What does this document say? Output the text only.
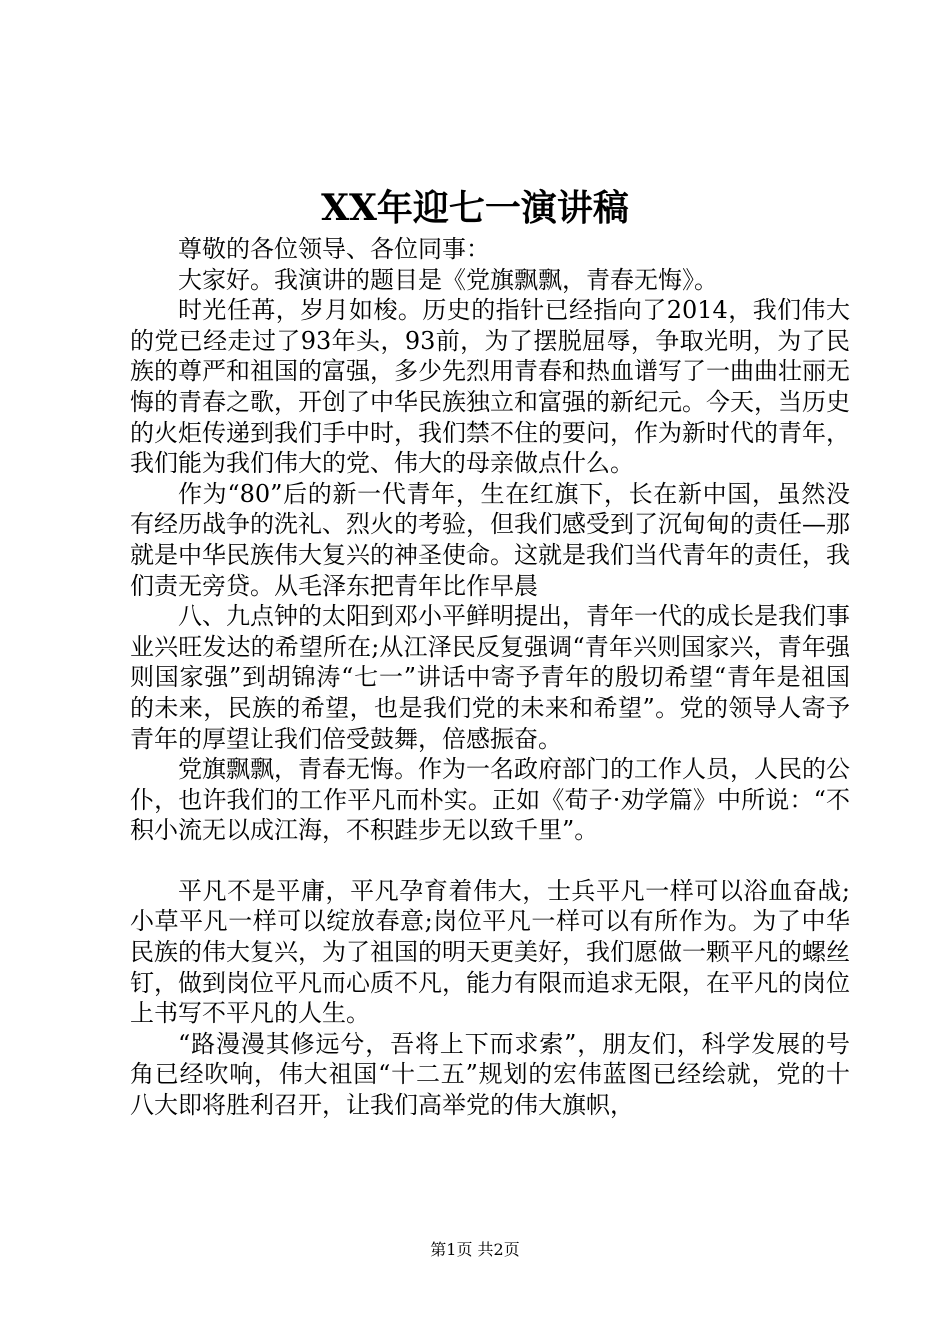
XX年迎七一演讲稿

尊敬的各位领导、各位同事：

大家好。我演讲的题目是《党旗飘飘，青春无悔》。

时光任苒，岁月如梭。历史的指针已经指向了2014，我们伟大的党已经走过了93年头，93前，为了摆脱屈辱，争取光明，为了民族的尊严和祖国的富强，多少先烈用青春和热血谱写了一曲曲壮丽无悔的青春之歌，开创了中华民族独立和富强的新纪元。今天，当历史的火炬传递到我们手中时，我们禁不住的要问，作为新时代的青年，我们能为我们伟大的党、伟大的母亲做点什么。

作为“80”后的新一代青年，生在红旗下，长在新中国，虽然没有经历战争的洗礼、烈火的考验，但我们感受到了沉甸甸的责任—那就是中华民族伟大复兴的神圣使命。这就是我们当代青年的责任，我们责无旁贷。从毛泽东把青年比作早晨

八、九点钟的太阳到邓小平鲜明提出，青年一代的成长是我们事业兴旺发达的希望所在;从江泽民反复强调“青年兴则国家兴，青年强则国家强”到胡锦涛“七一”讲话中寄予青年的殷切希望“青年是祖国的未来，民族的希望，也是我们党的未来和希望”。党的领导人寄予青年的厚望让我们倍受鼓舞，倍感振奋。

党旗飘飘，青春无悔。作为一名政府部门的工作人员，人民的公仆，也许我们的工作平凡而朴实。正如《荀子·劝学篇》中所说：“不积小流无以成江海，不积跬步无以致千里”。

平凡不是平庸，平凡孕育着伟大，士兵平凡一样可以浴血奋战;小草平凡一样可以绽放春意;岗位平凡一样可以有所作为。为了中华民族的伟大复兴，为了祖国的明天更美好，我们愿做一颗平凡的螺丝钉，做到岗位平凡而心质不凡，能力有限而追求无限，在平凡的岗位上书写不平凡的人生。

“路漫漫其修远兮，吾将上下而求索”，朋友们，科学发展的号角已经吹响，伟大祖国“十二五”规划的宏伟蓝图已经绘就，党的十八大即将胜利召开，让我们高举党的伟大旗帜，

第1页 共2页
